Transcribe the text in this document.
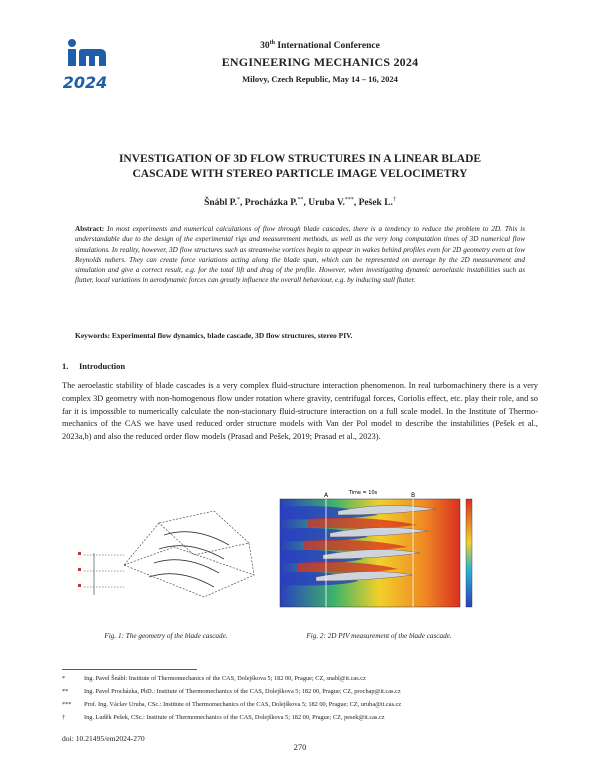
2024
30th International Conference
ENGINEERING MECHANICS 2024
Milovy, Czech Republic, May 14 – 16, 2024
INVESTIGATION OF 3D FLOW STRUCTURES IN A LINEAR BLADE
CASCADE WITH STEREO PARTICLE IMAGE VELOCIMETRY
Šnábl P.*, Procházka P.**, Uruba V.***, Pešek L.†
Abstract: In most experiments and numerical calculations of flow through blade cascades, there is a tendency to reduce the problem to 2D. This is understandable due to the design of the experimental rigs and measurement methods, as well as the very long computation times of 3D numerical flow simulations. In reality, however, 3D flow structures such as streamwise vortices begin to appear in wakes behind profiles even for 2D geometry even at low Reynolds nubers. They can create force variations acting along the blade span, which can be represented on average by the 2D measurement and simulation and give a correct result, e.g. for the total lift and drag of the profile. However, when investigating dynamic aeroelastic instabilities such as flutter, local variations in aerodynamic forces can greatly influence the overall behaviour, e.g. by inducing stall flutter.
Keywords: Experimental flow dynamics, blade cascade, 3D flow structures, stereo PIV.
1.     Introduction
The aeroelastic stability of blade cascades is a very complex fluid-structure interaction phenomenon. In real turbomachinery there is a very complex 3D geometry with non-homogenous flow under rotation where gravity, centrifugal forces, Coriolis effect, etc. play their role, and so far it is impossible to numerically calculate the non-stacionary fluid-structure interaction on a full scale model. In the Institute of Thermo-mechanics of the CAS we have used reduced order structure models with Van der Pol model to describe the instabilities (Pešek et al., 2023a,b) and also the reduced order flow models (Prasad and Pešek, 2019; Prasad et al., 2023).
Time = 10s
A	B
Fig. 1: The geometry of the blade cascade.	Fig. 2: 2D PIV measurement of the blade cascade.
*	Ing. Pavel Šnábl: Institute of Thermomechanics of the CAS, Dolejškova 5; 182 00, Prague; CZ, snabl@it.cas.cz
** Ing. Pavel Procházka, PhD.: Institute of Thermomechanics of the CAS, Dolejškova 5; 182 00, Prague; CZ, prochap@it.cas.cz
*** Prof. Ing. Václav Uruba, CSc.: Institute of Thermomechanics of the CAS, Dolejškova 5; 182 00, Prague; CZ, uruba@it.cas.cz
†	Ing. Luděk Pešek, CSc.: Institute of Thermomechanics of the CAS, Dolejškova 5; 182 00, Prague; CZ, pesek@it.cas.cz
doi: 10.21495/em2024-270
270
